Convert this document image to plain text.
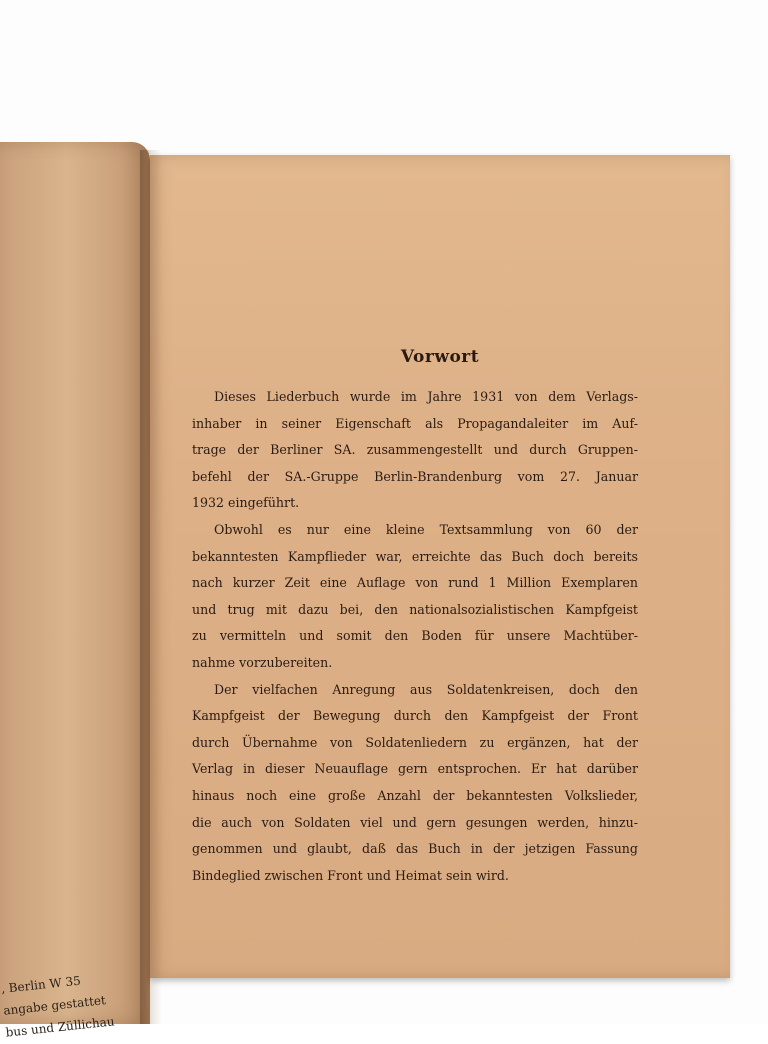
, Berlin W 35
angabe gestattet
bus und Züllichau
Vorwort
Dieses Liederbuch wurde im Jahre 1931 von dem Verlags-
inhaber in seiner Eigenschaft als Propagandaleiter im Auf-
trage der Berliner SA. zusammengestellt und durch Gruppen-
befehl der SA.-Gruppe Berlin-Brandenburg vom 27. Januar
1932 eingeführt.
Obwohl es nur eine kleine Textsammlung von 60 der
bekanntesten Kampflieder war, erreichte das Buch doch bereits
nach kurzer Zeit eine Auflage von rund 1 Million Exemplaren
und trug mit dazu bei, den nationalsozialistischen Kampfgeist
zu vermitteln und somit den Boden für unsere Machtüber-
nahme vorzubereiten.
Der vielfachen Anregung aus Soldatenkreisen, doch den
Kampfgeist der Bewegung durch den Kampfgeist der Front
durch Übernahme von Soldatenliedern zu ergänzen, hat der
Verlag in dieser Neuauflage gern entsprochen. Er hat darüber
hinaus noch eine große Anzahl der bekanntesten Volkslieder,
die auch von Soldaten viel und gern gesungen werden, hinzu-
genommen und glaubt, daß das Buch in der jetzigen Fassung
Bindeglied zwischen Front und Heimat sein wird.
